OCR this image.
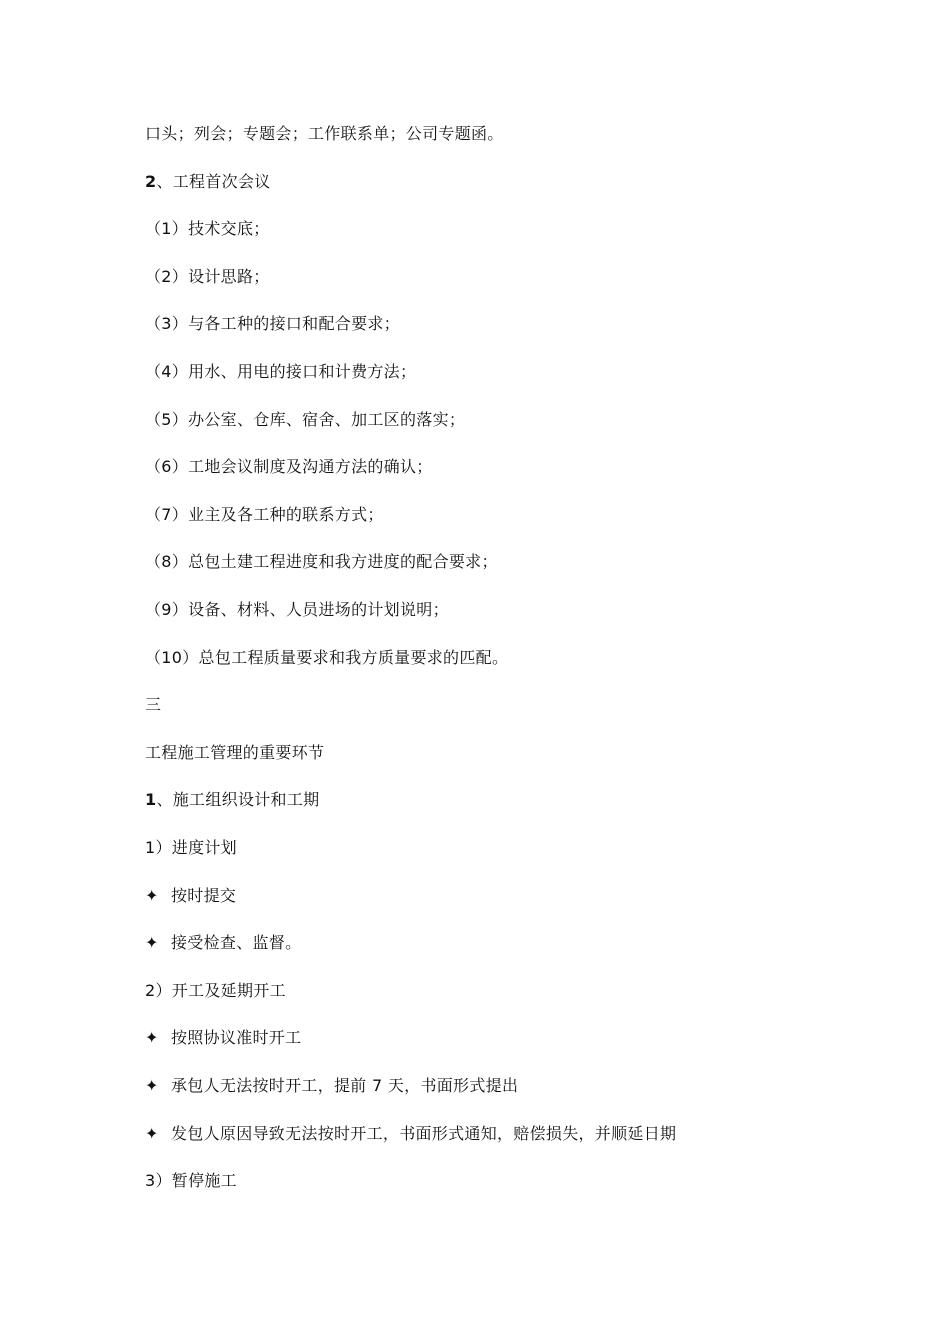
口头；列会；专题会；工作联系单；公司专题函。
2、工程首次会议
（1）技术交底；
（2）设计思路；
（3）与各工种的接口和配合要求；
（4）用水、用电的接口和计费方法；
（5）办公室、仓库、宿舍、加工区的落实；
（6）工地会议制度及沟通方法的确认；
（7）业主及各工种的联系方式；
（8）总包土建工程进度和我方进度的配合要求；
（9）设备、材料、人员进场的计划说明；
（10）总包工程质量要求和我方质量要求的匹配。
三
工程施工管理的重要环节
1、施工组织设计和工期
1）进度计划
✦ 按时提交
✦ 接受检查、监督。
2）开工及延期开工
✦ 按照协议准时开工
✦ 承包人无法按时开工，提前 7 天，书面形式提出
✦ 发包人原因导致无法按时开工，书面形式通知，赔偿损失，并顺延日期
3）暂停施工
